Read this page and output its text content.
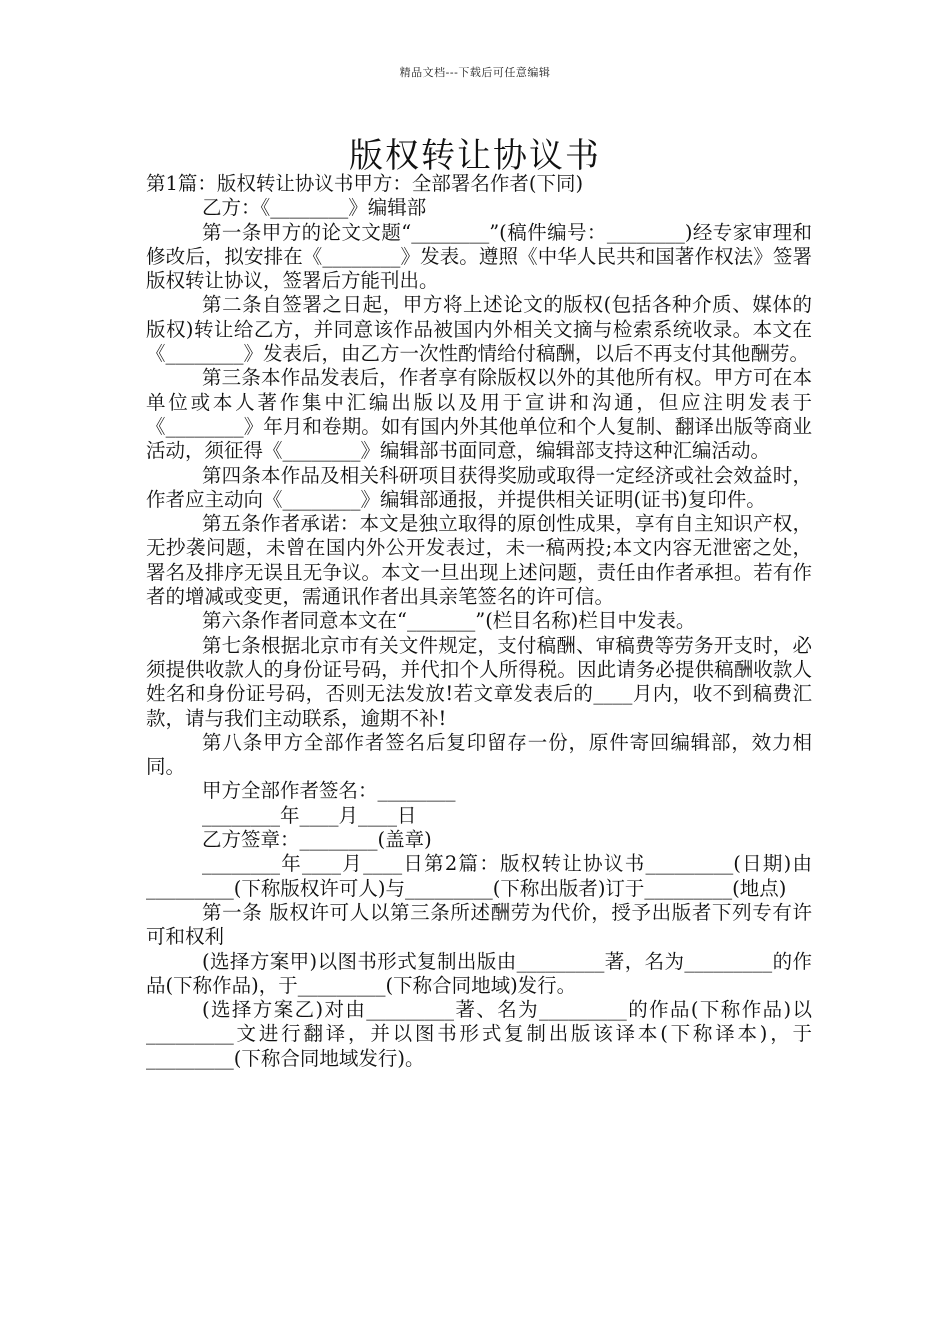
精品文档---下载后可任意编辑
版权转让协议书

第1篇：版权转让协议书甲方：全部署名作者(下同)

乙方：《________》编辑部

第一条甲方的论文文题“________”(稿件编号：________)经专家审理和修改后，拟安排在《________》发表。遵照《中华人民共和国著作权法》签署版权转让协议，签署后方能刊出。

第二条自签署之日起，甲方将上述论文的版权(包括各种介质、媒体的版权)转让给乙方，并同意该作品被国内外相关文摘与检索系统收录。本文在《________》发表后，由乙方一次性酌情给付稿酬，以后不再支付其他酬劳。

第三条本作品发表后，作者享有除版权以外的其他所有权。甲方可在本单位或本人著作集中汇编出版以及用于宣讲和沟通，但应注明发表于《________》年月和卷期。如有国内外其他单位和个人复制、翻译出版等商业活动，须征得《________》编辑部书面同意，编辑部支持这种汇编活动。

第四条本作品及相关科研项目获得奖励或取得一定经济或社会效益时，作者应主动向《________》编辑部通报，并提供相关证明(证书)复印件。

第五条作者承诺：本文是独立取得的原创性成果，享有自主知识产权，无抄袭问题，未曾在国内外公开发表过，未一稿两投;本文内容无泄密之处，署名及排序无误且无争议。本文一旦出现上述问题，责任由作者承担。若有作者的增减或变更，需通讯作者出具亲笔签名的许可信。

第六条作者同意本文在“_______”(栏目名称)栏目中发表。

第七条根据北京市有关文件规定，支付稿酬、审稿费等劳务开支时，必须提供收款人的身份证号码，并代扣个人所得税。因此请务必提供稿酬收款人姓名和身份证号码，否则无法发放!若文章发表后的____月内，收不到稿费汇款，请与我们主动联系，逾期不补!

第八条甲方全部作者签名后复印留存一份，原件寄回编辑部，效力相同。

甲方全部作者签名：________

________年____月____日

乙方签章：________(盖章)

________年____月____日第2篇：版权转让协议书_________(日期)由_________(下称版权许可人)与_________(下称出版者)订于_________(地点)

第一条 版权许可人以第三条所述酬劳为代价，授予出版者下列专有许可和权利

(选择方案甲)以图书形式复制出版由_________著，名为_________的作品(下称作品)，于_________(下称合同地域)发行。

(选择方案乙)对由_________著、名为_________的作品(下称作品)以_________文进行翻译，并以图书形式复制出版该译本(下称译本)，于_________(下称合同地域发行)。
